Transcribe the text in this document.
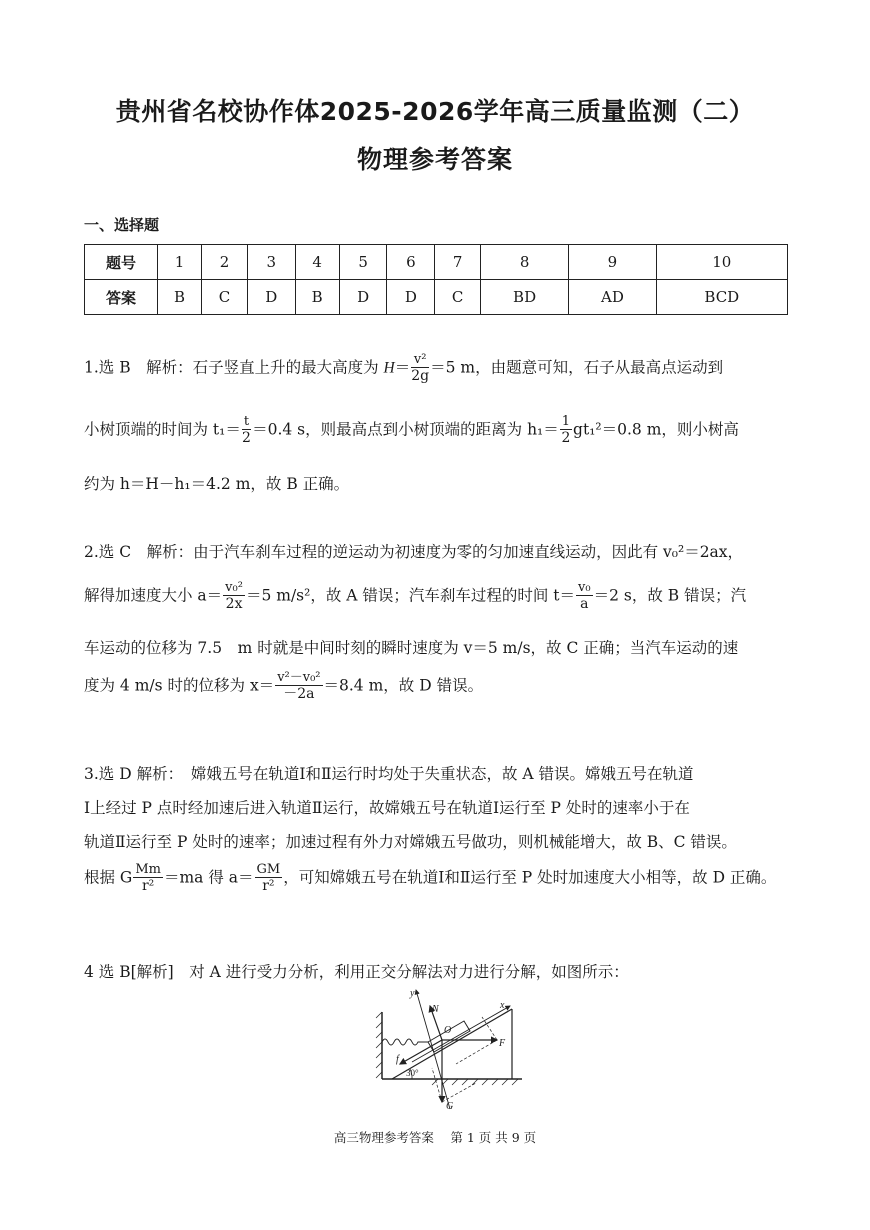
贵州省名校协作体2025-2026学年高三质量监测（二）
物理参考答案
一、选择题
题号	1	2	3	4	5	6	7	8	9	10
答案	B	C	D	B	D	D	C	BD	AD	BCD
1.选 B　解析：石子竖直上升的最大高度为 $H= \frac{\text{v²}}{2g} =5$ m，由题意可知，石子从最高点运动到
小树顶端的时间为 $t_1= \frac{t}{2} =0.4$ s，则最高点到小树顶端的距离为 $h_1= \frac{1}{2} gt_1^2=0.8$ m，则小树高
约为 h＝H－h₁＝4.2 m，故 B 正确。
2.选 C　解析：由于汽车刹车过程的逆运动为初速度为零的匀加速直线运动，因此有 v₀²＝2ax，
解得加速度大小 $a= \frac{\text{v₀²}}{2x} =5$ m/s²，故 A 错误；汽车刹车过程的时间 $t= \frac{\text{v₀}}{a} =2$ s，故 B 错误；汽
车运动的位移为 7.5　m 时就是中间时刻的瞬时速度为 v＝5 m/s，故 C 正确；当汽车运动的速
度为 4 m/s 时的位移为 $x= \frac{\text{v²－v₀²}}{-2a} =8.4$ m，故 D 错误。
3.选 D 解析：　嫦娥五号在轨道Ⅰ和Ⅱ运行时均处于失重状态，故 A 错误。嫦娥五号在轨道
Ⅰ上经过 P 点时经加速后进入轨道Ⅱ运行，故嫦娥五号在轨道Ⅰ运行至 P 处时的速率小于在
轨道Ⅱ运行至 P 处时的速率；加速过程有外力对嫦娥五号做功，则机械能增大，故 B、C 错误。
根据 G $\frac{Mm}{\text{r²}} =ma$ 得 $a= \frac{GM}{\text{r²}}$ ，可知嫦娥五号在轨道Ⅰ和Ⅱ运行至 P 处时加速度大小相等，故 D 正确。
4 选 B[解析]　对 A 进行受力分析，利用正交分解法对力进行分解，如图所示：
y
N
O
x
F
f
30°
G
高三物理参考答案　 第 1 页 共 9 页
